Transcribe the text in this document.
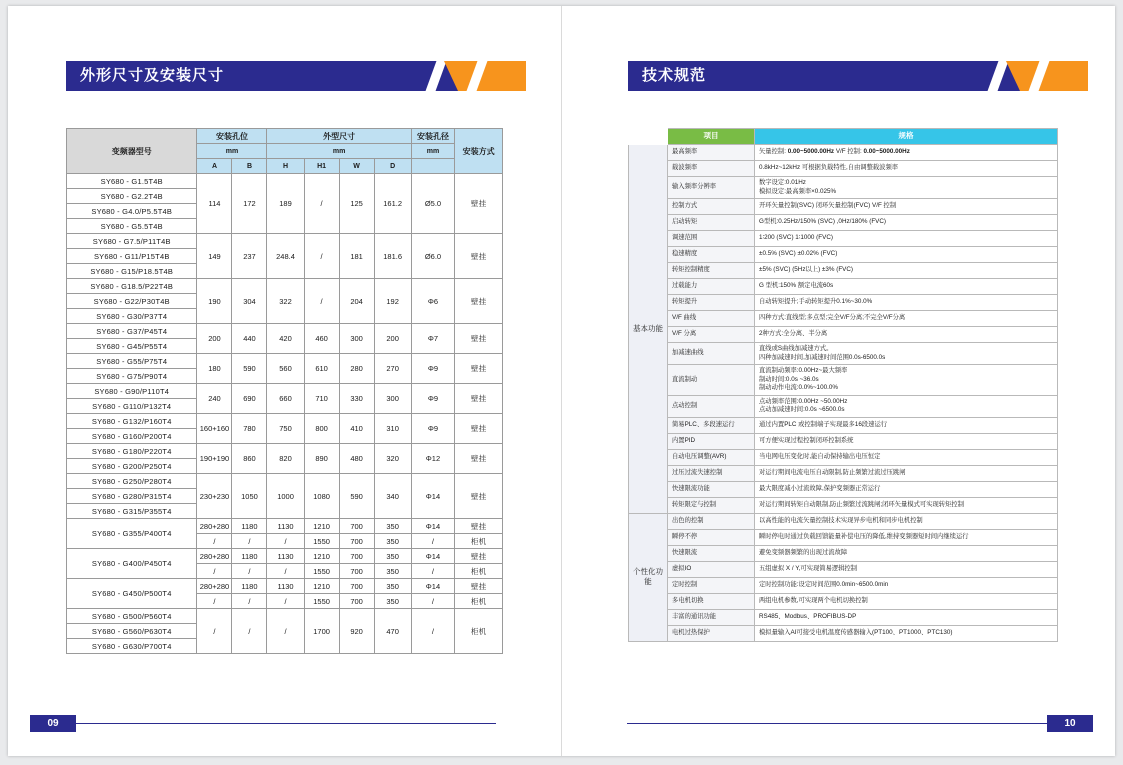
外形尺寸及安装尺寸
变频器型号	安装孔位		外型尺寸				安装孔径	安装方式
	mm		mm				mm	
	A	B	H	H1	W	D		
SY680 - G1.5T4B	114	172	189	/	125	161.2	Ø5.0	壁挂
SY680 - G2.2T4B								
SY680 - G4.0/P5.5T4B								
SY680 - G5.5T4B								
SY680 - G7.5/P11T4B	149	237	248.4	/	181	181.6	Ø6.0	壁挂
SY680 - G11/P15T4B								
SY680 - G15/P18.5T4B								
SY680 - G18.5/P22T4B	190	304	322	/	204	192	Φ6	壁挂
SY680 - G22/P30T4B								
SY680 - G30/P37T4								
SY680 - G37/P45T4	200	440	420	460	300	200	Φ7	壁挂
SY680 - G45/P55T4								
SY680 - G55/P75T4	180	590	560	610	280	270	Φ9	壁挂
SY680 - G75/P90T4								
SY680 - G90/P110T4	240	690	660	710	330	300	Φ9	壁挂
SY680 - G110/P132T4								
SY680 - G132/P160T4	160+160	780	750	800	410	310	Φ9	壁挂
SY680 - G160/P200T4								
SY680 - G180/P220T4	190+190	860	820	890	480	320	Φ12	壁挂
SY680 - G200/P250T4								
SY680 - G250/P280T4	230+230	1050	1000	1080	590	340	Φ14	壁挂
SY680 - G280/P315T4								
SY680 - G315/P355T4								
SY680 - G355/P400T4	280+280	1180	1130	1210	700	350	Φ14	壁挂
	/	/	/	1550	700	350	/	柜机
SY680 - G400/P450T4	280+280	1180	1130	1210	700	350	Φ14	壁挂
	/	/	/	1550	700	350	/	柜机
SY680 - G450/P500T4	280+280	1180	1130	1210	700	350	Φ14	壁挂
	/	/	/	1550	700	350	/	柜机
SY680 - G500/P560T4	/	/	/	1700	920	470	/	柜机
SY680 - G560/P630T4								
SY680 - G630/P700T4								
09
技术规范
10
	项目	规格
基本功能	最高频率	矢量控制: 0.00~5000.00Hz V/F 控制: 0.00~5000.00Hz
	载波频率	0.8kHz~12kHz 可根据负载特性,自由调整载波频率
	输入频率分辨率	数字设定:0.01Hz
模拟设定:最高频率×0.025%
	控制方式	开环矢量控制(SVC) 闭环矢量控制(FVC) V/F 控制
	启动转矩	G型机:0.25Hz/150% (SVC) ,0Hz/180% (FVC)
	调速范围	1∶200 (SVC) 1∶1000 (FVC)
	稳速精度	±0.5% (SVC) ±0.02% (FVC)
	转矩控制精度	±5% (SVC) (5Hz以上) ±3% (FVC)
	过载能力	G 型机:150% 额定电流60s
	转矩提升	自动转矩提升;手动转矩提升0.1%~30.0%
	V/F 曲线	四种方式:直线型;多点型;完全V/F分离;不完全V/F分离
	V/F 分离	2种方式:全分离、半分离
	加减速曲线	直线或S曲线加减速方式。
四种加减速时间,加减速时间范围0.0s-6500.0s
	直流制动	直流制动频率:0.00Hz~最大频率
制动时间:0.0s ~36.0s
制动动作电流:0.0%~100.0%
	点动控制	点动频率范围:0.00Hz ~50.00Hz
点动加减速时间:0.0s ~6500.0s
	简易PLC、多段速运行	通过内置PLC 或控制端子实现最多16段速运行
	内置PID	可方便实现过程控制闭环控制系统
	自动电压调整(AVR)	当电网电压变化时,能自动保持输出电压恒定
	过压过流失速控制	对运行期间电流电压自动限制,防止频繁过流过压跳闸
	快速限流功能	最大限度减小过流故障,保护变频器正常运行
	转矩限定与控制	对运行期间转矩自动限制,防止频繁过流跳闸;闭环矢量模式可实现转矩控制
个性化功能	出色的控制	以高性能的电流矢量控制技术实现异步电机和同步电机控制
	瞬停不停	瞬时停电时通过负载回馈能量补偿电压的降低,维持变频器短时间内继续运行
	快速限流	避免变频器频繁的出现过流故障
	虚拟IO	五组虚拟 X / Y,可实现简易逻辑控制
	定时控制	定时控制功能:设定时间范围0.0min~6500.0min
	多电机切换	两组电机参数,可实现两个电机切换控制
	丰富的通讯功能	RS485、Modbus、PROFIBUS-DP
	电机过热保护	模拟量输入AI可接受电机温度传感器输入(PT100、PT1000、PTC130)
